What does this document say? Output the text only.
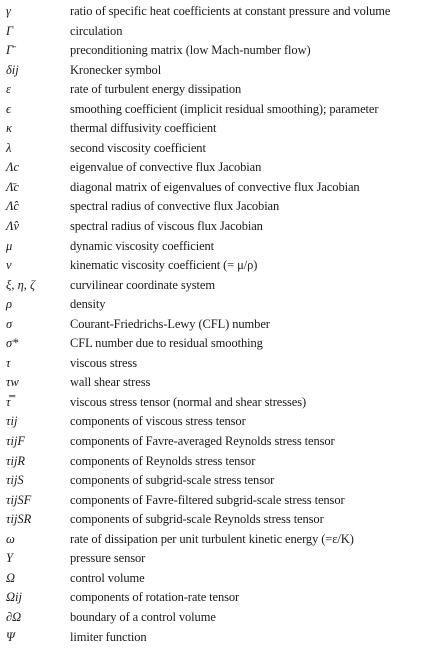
γ	ratio of specific heat coefficients at constant pressure and volume
Γ	circulation
Γ̄	preconditioning matrix (low Mach-number flow)
δij	Kronecker symbol
ε	rate of turbulent energy dissipation
ϵ	smoothing coefficient (implicit residual smoothing); parameter
κ	thermal diffusivity coefficient
λ	second viscosity coefficient
Λc	eigenvalue of convective flux Jacobian
Λ̄c	diagonal matrix of eigenvalues of convective flux Jacobian
Λ̂c	spectral radius of convective flux Jacobian
Λ̂v	spectral radius of viscous flux Jacobian
μ	dynamic viscosity coefficient
ν	kinematic viscosity coefficient (= μ/ρ)
ξ, η, ζ	curvilinear coordinate system
ρ	density
σ	Courant-Friedrichs-Lewy (CFL) number
σ*	CFL number due to residual smoothing
τ	viscous stress
τw	wall shear stress
τ̿	viscous stress tensor (normal and shear stresses)
τij	components of viscous stress tensor
τijF	components of Favre-averaged Reynolds stress tensor
τijR	components of Reynolds stress tensor
τijS	components of subgrid-scale stress tensor
τijSF	components of Favre-filtered subgrid-scale stress tensor
τijSR	components of subgrid-scale Reynolds stress tensor
ω	rate of dissipation per unit turbulent kinetic energy (=ε/K)
Υ	pressure sensor
Ω	control volume
Ωij	components of rotation-rate tensor
∂Ω	boundary of a control volume
Ψ	limiter function
